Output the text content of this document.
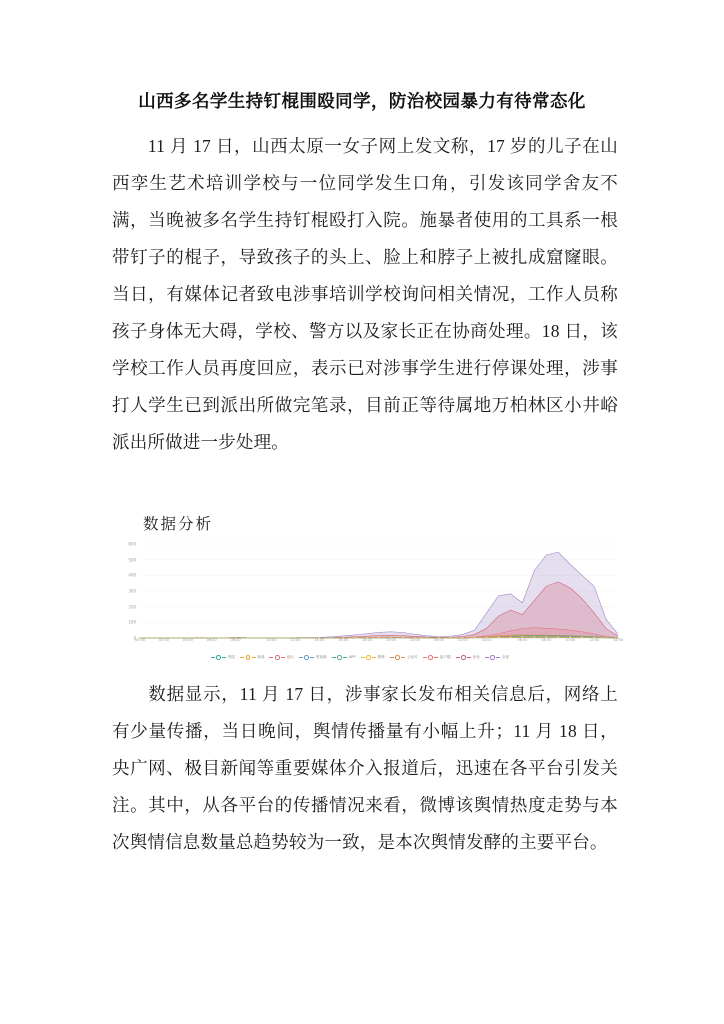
山西多名学生持钉棍围殴同学，防治校园暴力有待常态化
11 月 17 日，山西太原一女子网上发文称，17 岁的儿子在山西孪生艺术培训学校与一位同学发生口角，引发该同学舍友不满，当晚被多名学生持钉棍殴打入院。施暴者使用的工具系一根带钉子的棍子，导致孩子的头上、脸上和脖子上被扎成窟窿眼。当日，有媒体记者致电涉事培训学校询问相关情况，工作人员称孩子身体无大碍，学校、警方以及家长正在协商处理。18 日，该学校工作人员再度回应，表示已对涉事学生进行停课处理，涉事打人学生已到派出所做完笔录，目前正等待属地万柏林区小井峪派出所做进一步处理。
数据分析
00:00	02:00	04:00	06:00	08:00	10:00	12:00	14:00	16:00	18:00	20:00	22:00	00:00	02:00	04:00	06:00	08:00	10:00	12:00	14:00
600
500
400
300
200
100
0
网页	新闻	论坛	短视频	APP	微博	公众号	客户端	评论	全部
数据显示，11 月 17 日，涉事家长发布相关信息后，网络上有少量传播，当日晚间，舆情传播量有小幅上升；11 月 18 日，央广网、极目新闻等重要媒体介入报道后，迅速在各平台引发关注。其中，从各平台的传播情况来看，微博该舆情热度走势与本次舆情信息数量总趋势较为一致，是本次舆情发酵的主要平台。
